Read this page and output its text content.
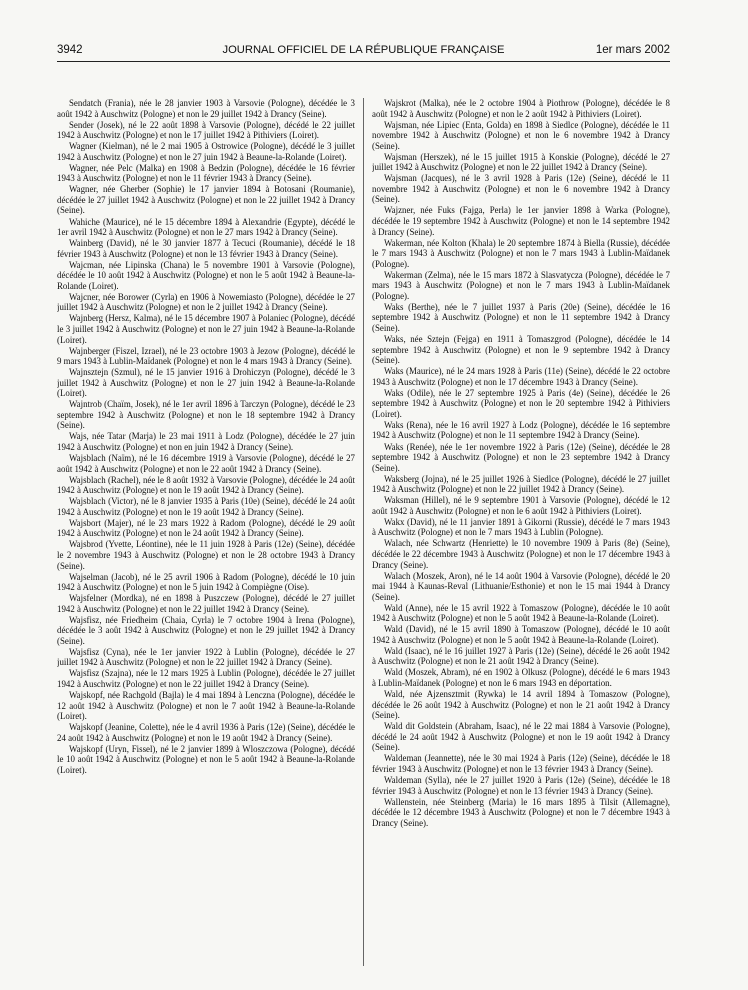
3942	JOURNAL OFFICIEL DE LA RÉPUBLIQUE FRANÇAISE	1er mars 2002

Sendatch (Frania), née le 28 janvier 1903 à Varsovie (Pologne), décédée le 3 août 1942 à Auschwitz (Pologne) et non le 29 juillet 1942 à Drancy (Seine).

Sender (Josek), né le 22 août 1898 à Varsovie (Pologne), décédé le 22 juillet 1942 à Auschwitz (Pologne) et non le 17 juillet 1942 à Pithiviers (Loiret).

Wagner (Kielman), né le 2 mai 1905 à Ostrowice (Pologne), décédé le 3 juillet 1942 à Auschwitz (Pologne) et non le 27 juin 1942 à Beaune-la-Rolande (Loiret).

Wagner, née Pelc (Malka) en 1908 à Bedzin (Pologne), décédée le 16 février 1943 à Auschwitz (Pologne) et non le 11 février 1943 à Drancy (Seine).

Wagner, née Gherber (Sophie) le 17 janvier 1894 à Botosani (Roumanie), décédée le 27 juillet 1942 à Auschwitz (Pologne) et non le 22 juillet 1942 à Drancy (Seine).

Wahiche (Maurice), né le 15 décembre 1894 à Alexandrie (Egypte), décédé le 1er avril 1942 à Auschwitz (Pologne) et non le 27 mars 1942 à Drancy (Seine).

Wainberg (David), né le 30 janvier 1877 à Tecuci (Roumanie), décédé le 18 février 1943 à Auschwitz (Pologne) et non le 13 février 1943 à Drancy (Seine).

Wajcman, née Lipinska (Chana) le 5 novembre 1901 à Varsovie (Pologne), décédée le 10 août 1942 à Auschwitz (Pologne) et non le 5 août 1942 à Beaune-la-Rolande (Loiret).

Wajcner, née Borower (Cyrla) en 1906 à Nowemiasto (Pologne), décédée le 27 juillet 1942 à Auschwitz (Pologne) et non le 2 juillet 1942 à Drancy (Seine).

Wajnberg (Hersz, Kalma), né le 15 décembre 1907 à Polaniec (Pologne), décédé le 3 juillet 1942 à Auschwitz (Pologne) et non le 27 juin 1942 à Beaune-la-Rolande (Loiret).

Wajnberger (Fiszel, Izrael), né le 23 octobre 1903 à Jezow (Pologne), décédé le 9 mars 1943 à Lublin-Maïdanek (Pologne) et non le 4 mars 1943 à Drancy (Seine).

Wajnsztejn (Szmul), né le 15 janvier 1916 à Drohiczyn (Pologne), décédé le 3 juillet 1942 à Auschwitz (Pologne) et non le 27 juin 1942 à Beaune-la-Rolande (Loiret).

Wajntrob (Chaïm, Josek), né le 1er avril 1896 à Tarczyn (Pologne), décédé le 23 septembre 1942 à Auschwitz (Pologne) et non le 18 septembre 1942 à Drancy (Seine).

Wajs, née Tatar (Marja) le 23 mai 1911 à Lodz (Pologne), décédée le 27 juin 1942 à Auschwitz (Pologne) et non en juin 1942 à Drancy (Seine).

Wajsblach (Naïm), né le 16 décembre 1919 à Varsovie (Pologne), décédé le 27 août 1942 à Auschwitz (Pologne) et non le 22 août 1942 à Drancy (Seine).

Wajsblach (Rachel), née le 8 août 1932 à Varsovie (Pologne), décédée le 24 août 1942 à Auschwitz (Pologne) et non le 19 août 1942 à Drancy (Seine).

Wajsblach (Victor), né le 8 janvier 1935 à Paris (10e) (Seine), décédé le 24 août 1942 à Auschwitz (Pologne) et non le 19 août 1942 à Drancy (Seine).

Wajsbort (Majer), né le 23 mars 1922 à Radom (Pologne), décédé le 29 août 1942 à Auschwitz (Pologne) et non le 24 août 1942 à Drancy (Seine).

Wajsbrod (Yvette, Léontine), née le 11 juin 1928 à Paris (12e) (Seine), décédée le 2 novembre 1943 à Auschwitz (Pologne) et non le 28 octobre 1943 à Drancy (Seine).

Wajselman (Jacob), né le 25 avril 1906 à Radom (Pologne), décédé le 10 juin 1942 à Auschwitz (Pologne) et non le 5 juin 1942 à Compiègne (Oise).

Wajsfelner (Mordka), né en 1898 à Puszczew (Pologne), décédé le 27 juillet 1942 à Auschwitz (Pologne) et non le 22 juillet 1942 à Drancy (Seine).

Wajsfisz, née Friedheim (Chaia, Cyrla) le 7 octobre 1904 à Irena (Pologne), décédée le 3 août 1942 à Auschwitz (Pologne) et non le 29 juillet 1942 à Drancy (Seine).

Wajsfisz (Cyna), née le 1er janvier 1922 à Lublin (Pologne), décédée le 27 juillet 1942 à Auschwitz (Pologne) et non le 22 juillet 1942 à Drancy (Seine).

Wajsfisz (Szajna), née le 12 mars 1925 à Lublin (Pologne), décédée le 27 juillet 1942 à Auschwitz (Pologne) et non le 22 juillet 1942 à Drancy (Seine).

Wajskopf, née Rachgold (Bajla) le 4 mai 1894 à Lenczna (Pologne), décédée le 12 août 1942 à Auschwitz (Pologne) et non le 7 août 1942 à Beaune-la-Rolande (Loiret).

Wajskopf (Jeanine, Colette), née le 4 avril 1936 à Paris (12e) (Seine), décédée le 24 août 1942 à Auschwitz (Pologne) et non le 19 août 1942 à Drancy (Seine).

Wajskopf (Uryn, Fissel), né le 2 janvier 1899 à Wloszczowa (Pologne), décédé le 10 août 1942 à Auschwitz (Pologne) et non le 5 août 1942 à Beaune-la-Rolande (Loiret).

Wajskrot (Malka), née le 2 octobre 1904 à Piothrow (Pologne), décédée le 8 août 1942 à Auschwitz (Pologne) et non le 2 août 1942 à Pithiviers (Loiret).

Wajsman, née Lipiec (Enta, Golda) en 1898 à Siedlce (Pologne), décédée le 11 novembre 1942 à Auschwitz (Pologne) et non le 6 novembre 1942 à Drancy (Seine).

Wajsman (Herszek), né le 15 juillet 1915 à Konskie (Pologne), décédé le 27 juillet 1942 à Auschwitz (Pologne) et non le 22 juillet 1942 à Drancy (Seine).

Wajsman (Jacques), né le 3 avril 1928 à Paris (12e) (Seine), décédé le 11 novembre 1942 à Auschwitz (Pologne) et non le 6 novembre 1942 à Drancy (Seine).

Wajzner, née Fuks (Fajga, Perla) le 1er janvier 1898 à Warka (Pologne), décédée le 19 septembre 1942 à Auschwitz (Pologne) et non le 14 septembre 1942 à Drancy (Seine).

Wakerman, née Kolton (Khala) le 20 septembre 1874 à Biella (Russie), décédée le 7 mars 1943 à Auschwitz (Pologne) et non le 7 mars 1943 à Lublin-Maïdanek (Pologne).

Wakerman (Zelma), née le 15 mars 1872 à Slasvatycza (Pologne), décédée le 7 mars 1943 à Auschwitz (Pologne) et non le 7 mars 1943 à Lublin-Maïdanek (Pologne).

Waks (Berthe), née le 7 juillet 1937 à Paris (20e) (Seine), décédée le 16 septembre 1942 à Auschwitz (Pologne) et non le 11 septembre 1942 à Drancy (Seine).

Waks, née Sztejn (Fejga) en 1911 à Tomaszgrod (Pologne), décédée le 14 septembre 1942 à Auschwitz (Pologne) et non le 9 septembre 1942 à Drancy (Seine).

Waks (Maurice), né le 24 mars 1928 à Paris (11e) (Seine), décédé le 22 octobre 1943 à Auschwitz (Pologne) et non le 17 décembre 1943 à Drancy (Seine).

Waks (Odile), née le 27 septembre 1925 à Paris (4e) (Seine), décédée le 26 septembre 1942 à Auschwitz (Pologne) et non le 20 septembre 1942 à Pithiviers (Loiret).

Waks (Rena), née le 16 avril 1927 à Lodz (Pologne), décédée le 16 septembre 1942 à Auschwitz (Pologne) et non le 11 septembre 1942 à Drancy (Seine).

Waks (Renée), née le 1er novembre 1922 à Paris (12e) (Seine), décédée le 28 septembre 1942 à Auschwitz (Pologne) et non le 23 septembre 1942 à Drancy (Seine).

Waksberg (Jojna), né le 25 juillet 1926 à Siedlce (Pologne), décédé le 27 juillet 1942 à Auschwitz (Pologne) et non le 22 juillet 1942 à Drancy (Seine).

Waksman (Hillel), né le 9 septembre 1901 à Varsovie (Pologne), décédé le 12 août 1942 à Auschwitz (Pologne) et non le 6 août 1942 à Pithiviers (Loiret).

Wakx (David), né le 11 janvier 1891 à Gikorni (Russie), décédé le 7 mars 1943 à Auschwitz (Pologne) et non le 7 mars 1943 à Lublin (Pologne).

Walach, née Schwartz (Henriette) le 10 novembre 1909 à Paris (8e) (Seine), décédée le 22 décembre 1943 à Auschwitz (Pologne) et non le 17 décembre 1943 à Drancy (Seine).

Walach (Moszek, Aron), né le 14 août 1904 à Varsovie (Pologne), décédé le 20 mai 1944 à Kaunas-Reval (Lithuanie/Esthonie) et non le 15 mai 1944 à Drancy (Seine).

Wald (Anne), née le 15 avril 1922 à Tomaszow (Pologne), décédée le 10 août 1942 à Auschwitz (Pologne) et non le 5 août 1942 à Beaune-la-Rolande (Loiret).

Wald (David), né le 15 avril 1890 à Tomaszow (Pologne), décédé le 10 août 1942 à Auschwitz (Pologne) et non le 5 août 1942 à Beaune-la-Rolande (Loiret).

Wald (Isaac), né le 16 juillet 1927 à Paris (12e) (Seine), décédé le 26 août 1942 à Auschwitz (Pologne) et non le 21 août 1942 à Drancy (Seine).

Wald (Moszek, Abram), né en 1902 à Olkusz (Pologne), décédé le 6 mars 1943 à Lublin-Maïdanek (Pologne) et non le 6 mars 1943 en déportation.

Wald, née Ajzensztmit (Rywka) le 14 avril 1894 à Tomaszow (Pologne), décédée le 26 août 1942 à Auschwitz (Pologne) et non le 21 août 1942 à Drancy (Seine).

Wald dit Goldstein (Abraham, Isaac), né le 22 mai 1884 à Varsovie (Pologne), décédé le 24 août 1942 à Auschwitz (Pologne) et non le 19 août 1942 à Drancy (Seine).

Waldeman (Jeannette), née le 30 mai 1924 à Paris (12e) (Seine), décédée le 18 février 1943 à Auschwitz (Pologne) et non le 13 février 1943 à Drancy (Seine).

Waldeman (Sylla), née le 27 juillet 1920 à Paris (12e) (Seine), décédée le 18 février 1943 à Auschwitz (Pologne) et non le 13 février 1943 à Drancy (Seine).

Wallenstein, née Steinberg (Maria) le 16 mars 1895 à Tilsit (Allemagne), décédée le 12 décembre 1943 à Auschwitz (Pologne) et non le 7 décembre 1943 à Drancy (Seine).
